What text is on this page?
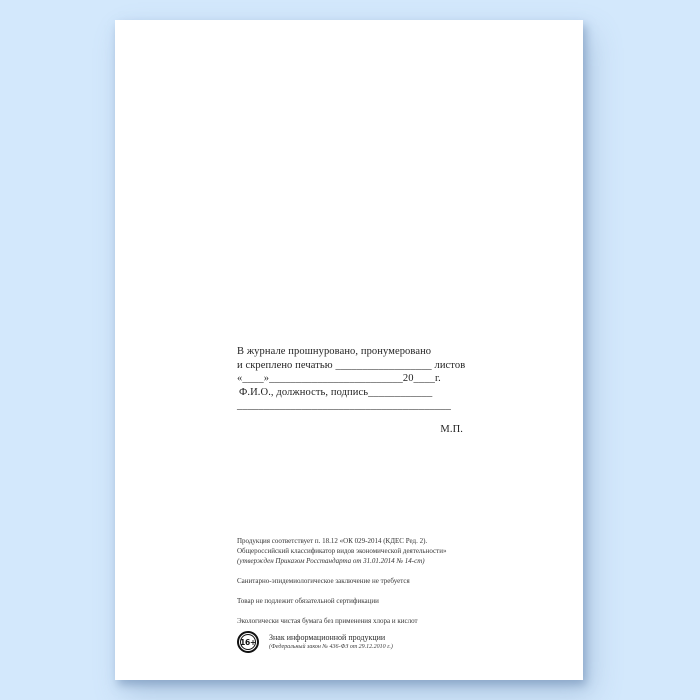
В журнале прошнуровано, пронумеровано
и скреплено печатью __________________ листов
«____»_________________________20____г.
Ф.И.О., должность, подпись____________
________________________________________
М.П.
Продукция соответствует п. 18.12 «ОК 029-2014 (КДЕС Ред. 2).
Общероссийский классификатор видов экономической деятельности»
(утвержден Приказом Росстандарта от 31.01.2014 № 14-ст)
Санитарно-эпидемиологическое заключение не требуется
Товар не подлежит обязательной сертификации
Экологически чистая бумага без применения хлора и кислот
16+ Знак информационной продукции
(Федеральный закон № 436-ФЗ от 29.12.2010 г.)
